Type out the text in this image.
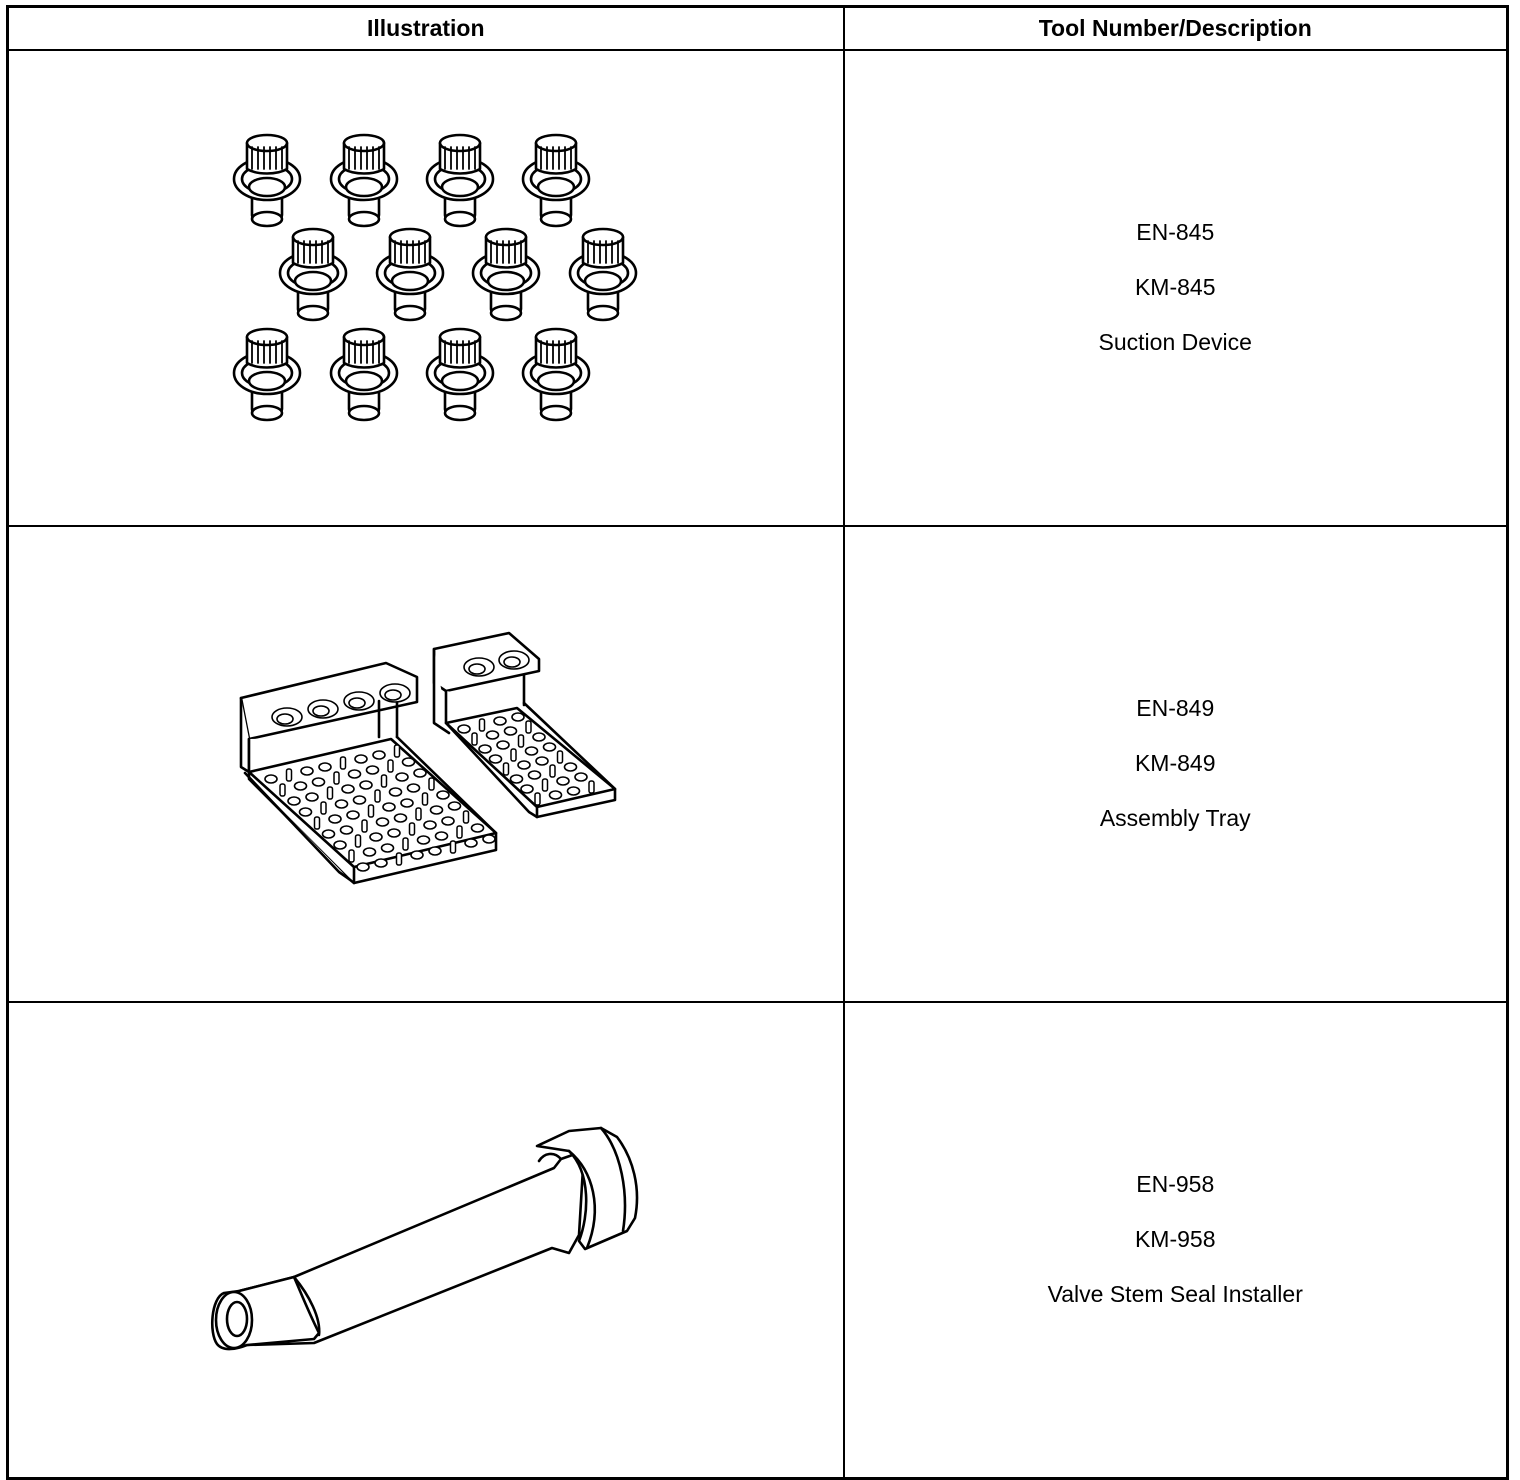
Illustration	Tool Number/Description

EN-845
KM-845
Suction Device

EN-849
KM-849
Assembly Tray

EN-958
KM-958
Valve Stem Seal Installer
